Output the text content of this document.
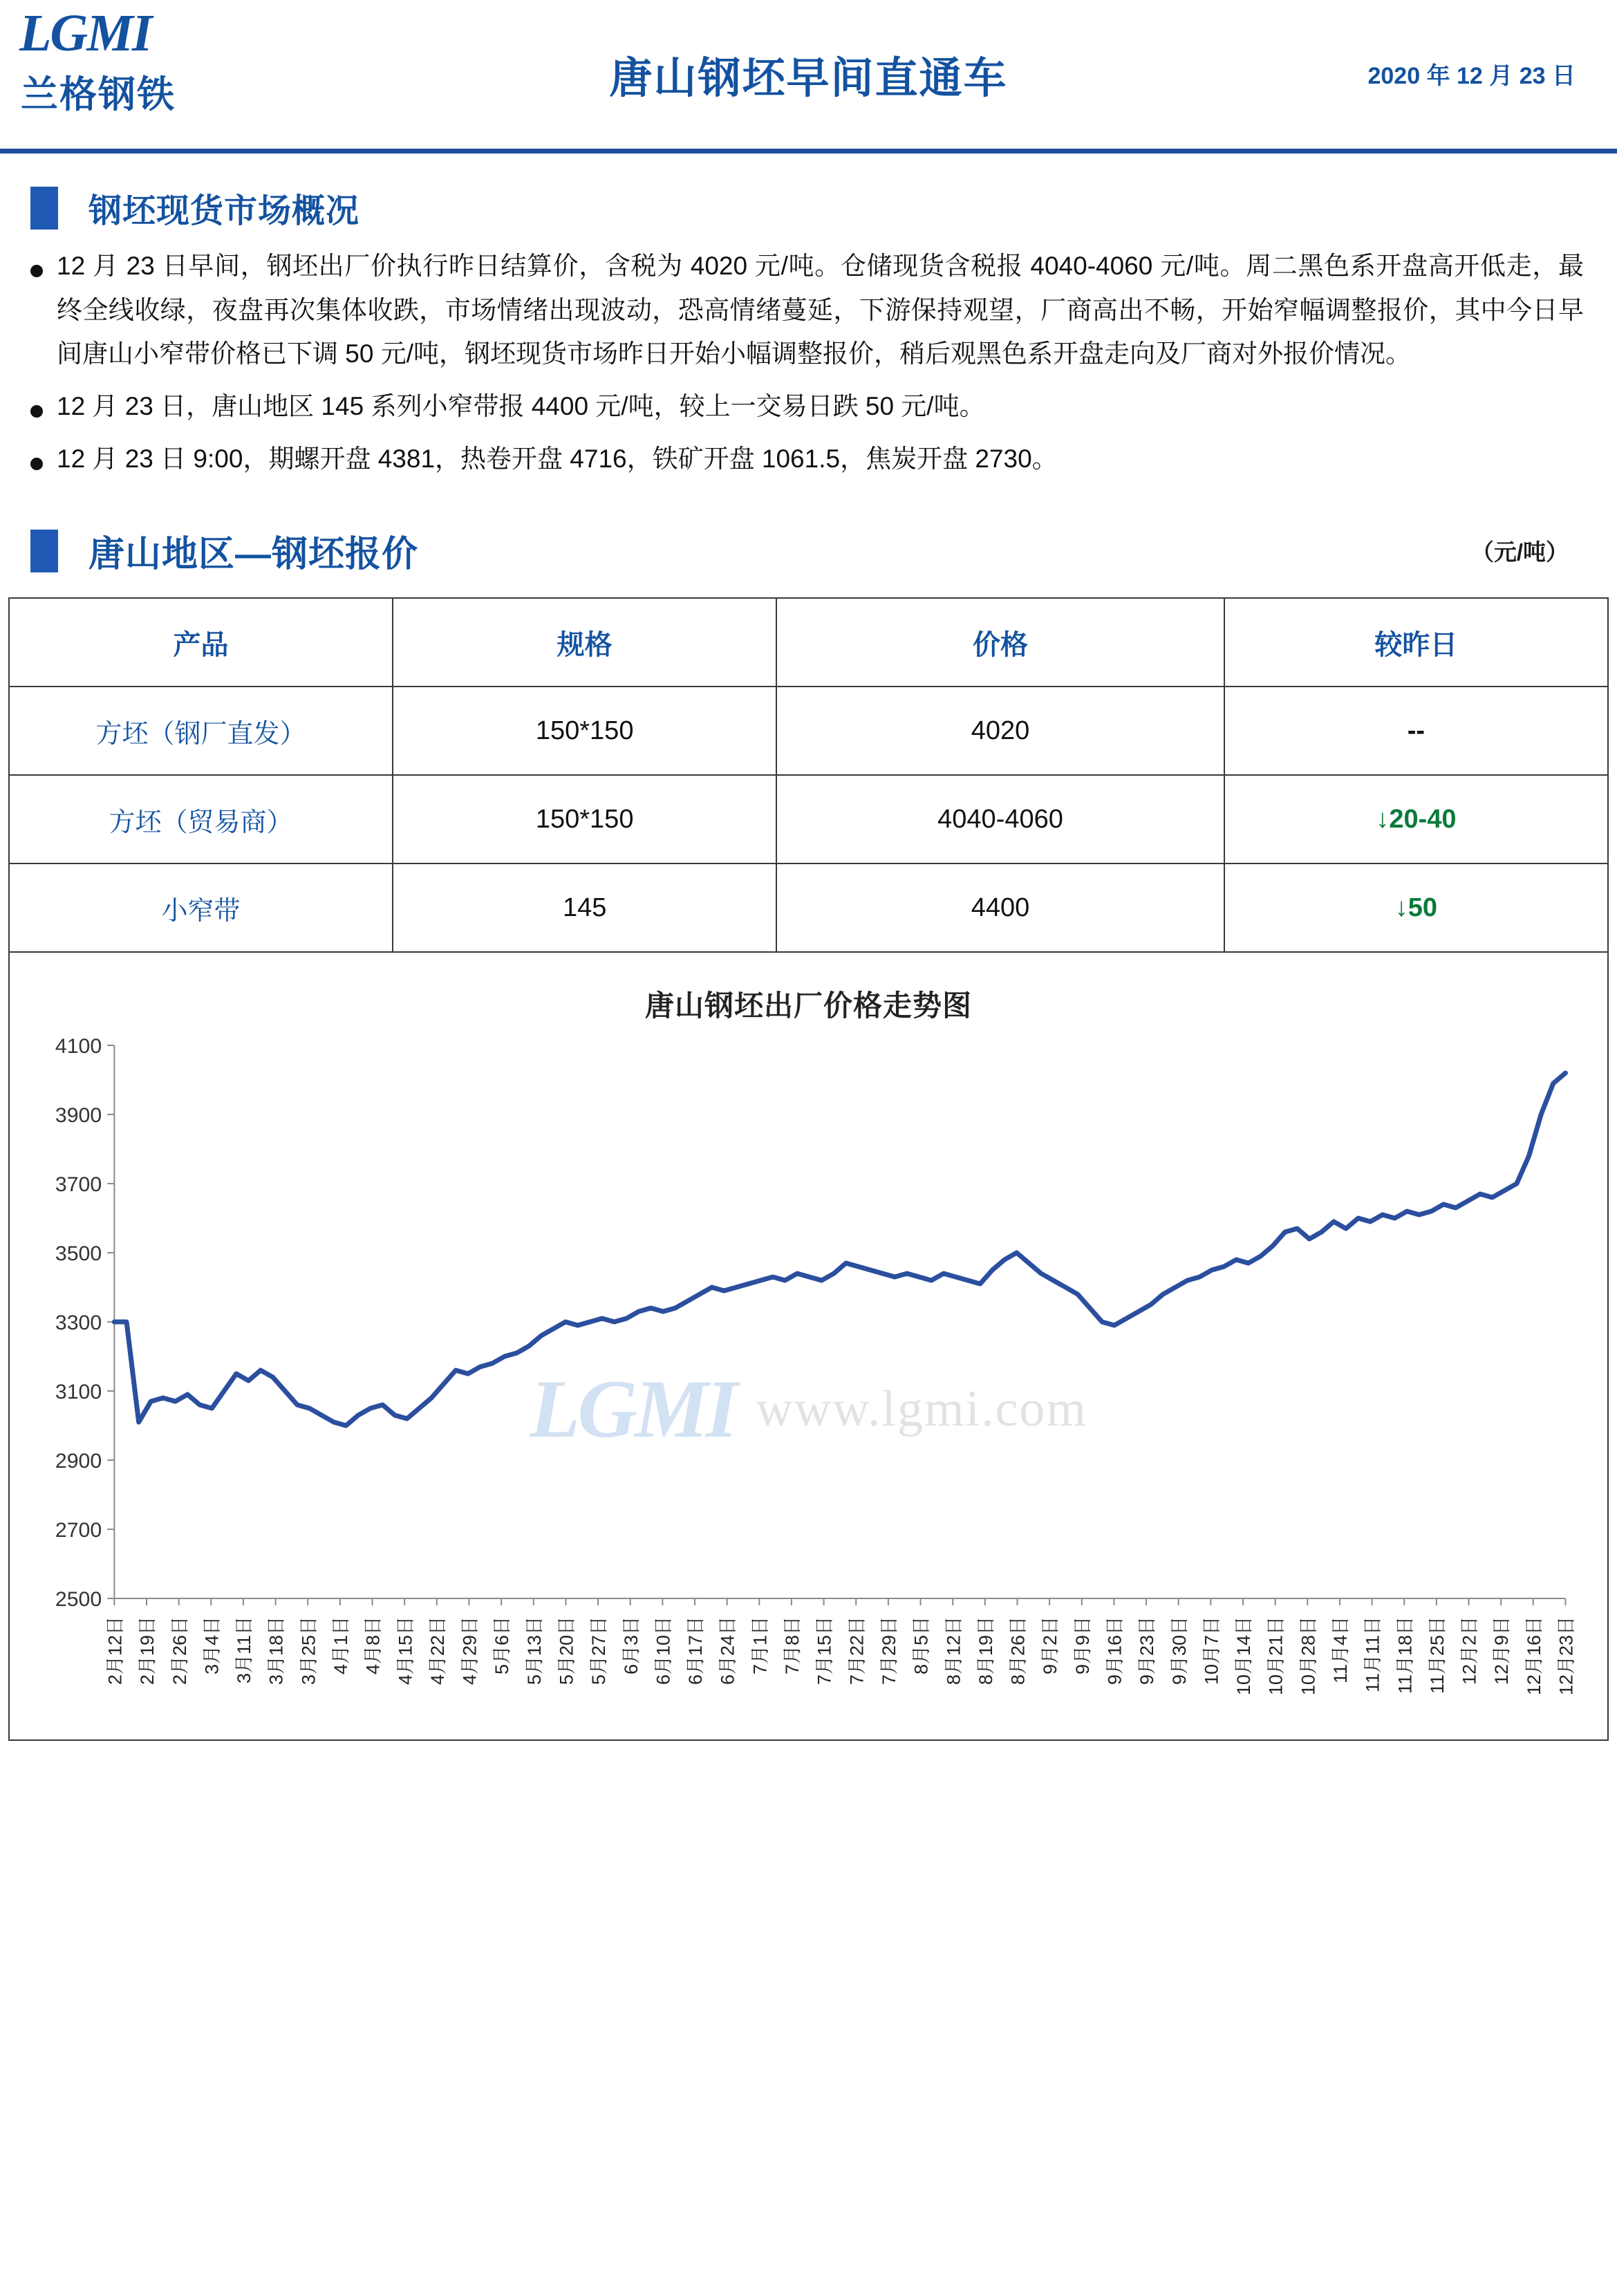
LGMI
兰格钢铁	唐山钢坯早间直通车	2020 年 12 月 23 日
钢坯现货市场概况
12 月 23 日早间，钢坯出厂价执行昨日结算价，含税为 4020 元/吨。仓储现货含税报 4040-4060 元/吨。周二黑色系开盘高开低走，最终全线收绿，夜盘再次集体收跌，市场情绪出现波动，恐高情绪蔓延，下游保持观望，厂商高出不畅，开始窄幅调整报价，其中今日早间唐山小窄带价格已下调 50 元/吨，钢坯现货市场昨日开始小幅调整报价，稍后观黑色系开盘走向及厂商对外报价情况。
12 月 23 日，唐山地区 145 系列小窄带报 4400 元/吨，较上一交易日跌 50 元/吨。
12 月 23 日 9:00，期螺开盘 4381，热卷开盘 4716，铁矿开盘 1061.5，焦炭开盘 2730。
唐山地区—钢坯报价	（元/吨）
产品	规格	价格	较昨日
方坯（钢厂直发）	150*150	4020	--
方坯（贸易商）	150*150	4040-4060	↓20-40
小窄带	145	4400	↓50
唐山钢坯出厂价格走势图
LGMI www.lgmi.com
2500
2700
2900
3100
3300
3500
3700
3900
4100
2月12日 2月19日 2月26日 3月4日 3月11日 3月18日 3月25日 4月1日 4月8日 4月15日 4月22日 4月29日 5月6日 5月13日 5月20日 5月27日 6月3日 6月10日 6月17日 6月24日 7月1日 7月8日 7月15日 7月22日 7月29日 8月5日 8月12日 8月19日 8月26日 9月2日 9月9日 9月16日 9月23日 9月30日 10月7日 10月14日 10月21日 10月28日 11月4日 11月11日 11月18日 11月25日 12月2日 12月9日 12月16日 12月23日
